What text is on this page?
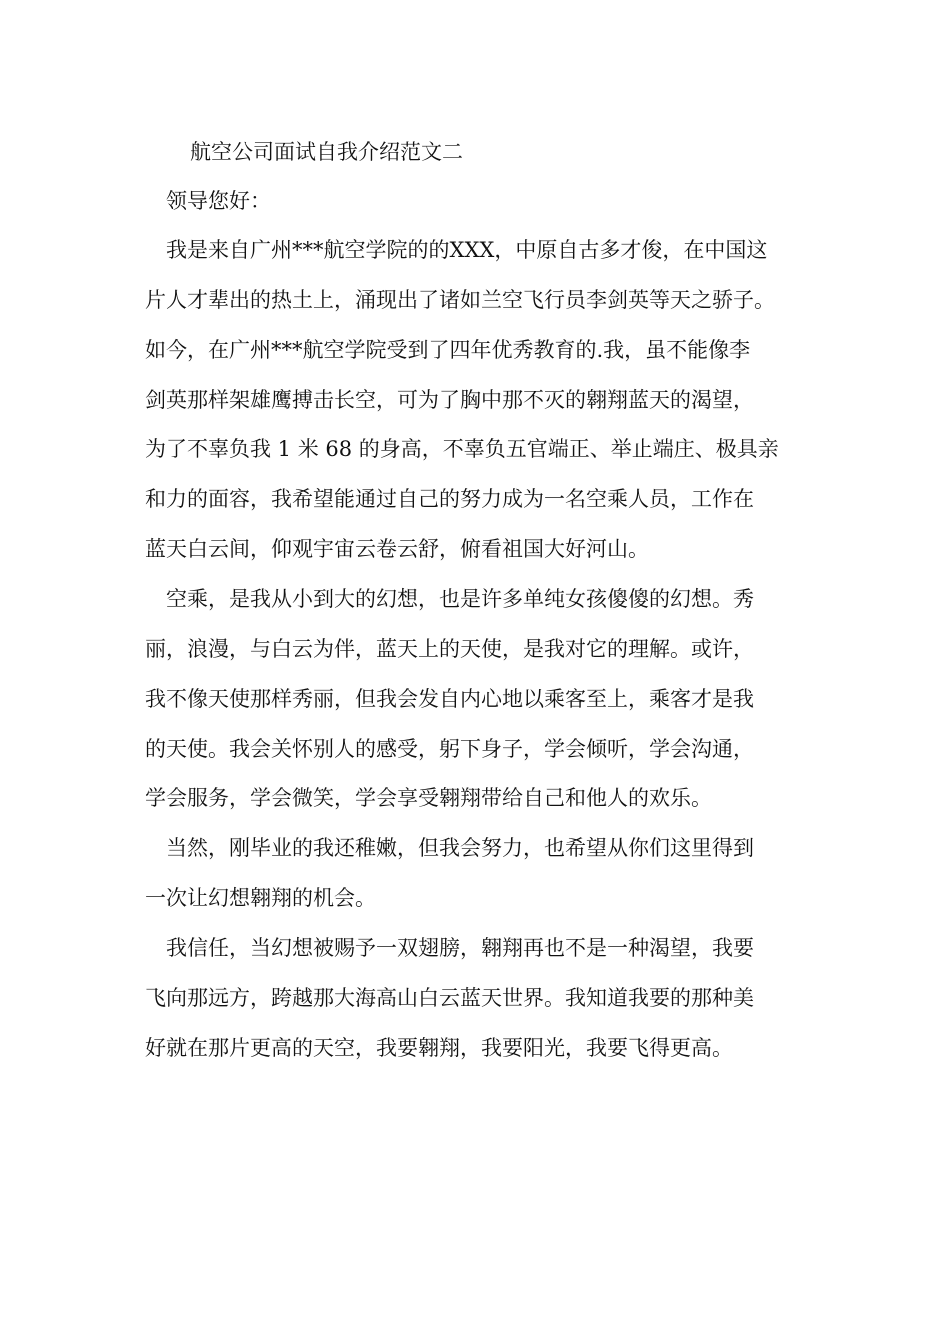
航空公司面试自我介绍范文二
领导您好：
我是来自广州***航空学院的的XXX，中原自古多才俊，在中国这
片人才辈出的热土上，涌现出了诸如兰空飞行员李剑英等天之骄子。
如今，在广州***航空学院受到了四年优秀教育的.我，虽不能像李
剑英那样架雄鹰搏击长空，可为了胸中那不灭的翱翔蓝天的渴望，
为了不辜负我 1 米 68 的身高，不辜负五官端正、举止端庄、极具亲
和力的面容，我希望能通过自己的努力成为一名空乘人员，工作在
蓝天白云间，仰观宇宙云卷云舒，俯看祖国大好河山。
空乘，是我从小到大的幻想，也是许多单纯女孩傻傻的幻想。秀
丽，浪漫，与白云为伴，蓝天上的天使，是我对它的理解。或许，
我不像天使那样秀丽，但我会发自内心地以乘客至上，乘客才是我
的天使。我会关怀别人的感受，躬下身子，学会倾听，学会沟通，
学会服务，学会微笑，学会享受翱翔带给自己和他人的欢乐。
当然，刚毕业的我还稚嫩，但我会努力，也希望从你们这里得到
一次让幻想翱翔的机会。
我信任，当幻想被赐予一双翅膀，翱翔再也不是一种渴望，我要
飞向那远方，跨越那大海高山白云蓝天世界。我知道我要的那种美
好就在那片更高的天空，我要翱翔，我要阳光，我要飞得更高。
